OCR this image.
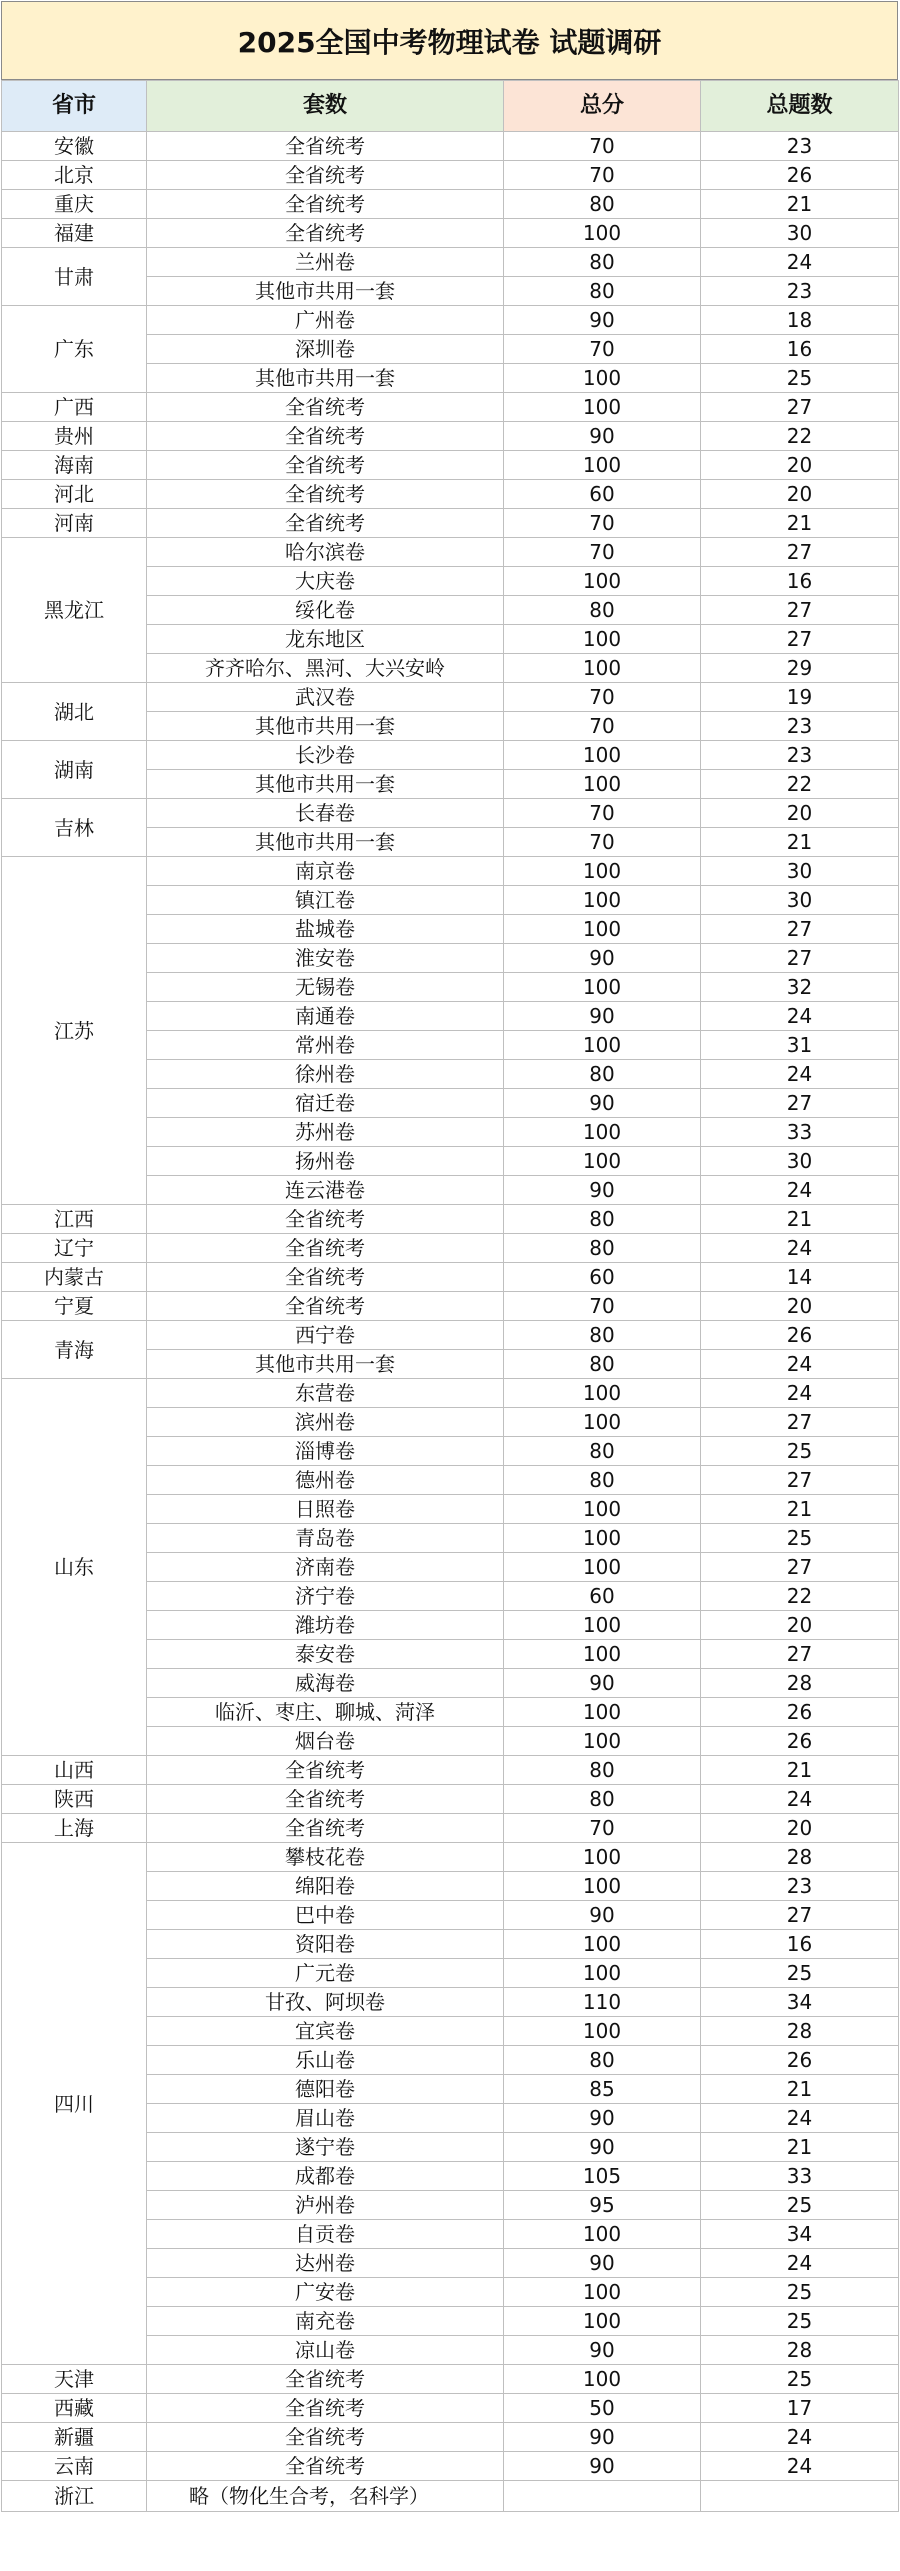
2025全国中考物理试卷 试题调研
省市	套数	总分	总题数
安徽	全省统考	70	23
北京	全省统考	70	26
重庆	全省统考	80	21
福建	全省统考	100	30
甘肃	兰州卷	80	24
	其他市共用一套	80	23
广东	广州卷	90	18
	深圳卷	70	16
	其他市共用一套	100	25
广西	全省统考	100	27
贵州	全省统考	90	22
海南	全省统考	100	20
河北	全省统考	60	20
河南	全省统考	70	21
黑龙江	哈尔滨卷	70	27
	大庆卷	100	16
	绥化卷	80	27
	龙东地区	100	27
	齐齐哈尔、黑河、大兴安岭	100	29
湖北	武汉卷	70	19
	其他市共用一套	70	23
湖南	长沙卷	100	23
	其他市共用一套	100	22
吉林	长春卷	70	20
	其他市共用一套	70	21
江苏	南京卷	100	30
	镇江卷	100	30
	盐城卷	100	27
	淮安卷	90	27
	无锡卷	100	32
	南通卷	90	24
	常州卷	100	31
	徐州卷	80	24
	宿迁卷	90	27
	苏州卷	100	33
	扬州卷	100	30
	连云港卷	90	24
江西	全省统考	80	21
辽宁	全省统考	80	24
内蒙古	全省统考	60	14
宁夏	全省统考	70	20
青海	西宁卷	80	26
	其他市共用一套	80	24
山东	东营卷	100	24
	滨州卷	100	27
	淄博卷	80	25
	德州卷	80	27
	日照卷	100	21
	青岛卷	100	25
	济南卷	100	27
	济宁卷	60	22
	潍坊卷	100	20
	泰安卷	100	27
	威海卷	90	28
	临沂、枣庄、聊城、菏泽	100	26
	烟台卷	100	26
山西	全省统考	80	21
陕西	全省统考	80	24
上海	全省统考	70	20
四川	攀枝花卷	100	28
	绵阳卷	100	23
	巴中卷	90	27
	资阳卷	100	16
	广元卷	100	25
	甘孜、阿坝卷	110	34
	宜宾卷	100	28
	乐山卷	80	26
	德阳卷	85	21
	眉山卷	90	24
	遂宁卷	90	21
	成都卷	105	33
	泸州卷	95	25
	自贡卷	100	34
	达州卷	90	24
	广安卷	100	25
	南充卷	100	25
	凉山卷	90	28
天津	全省统考	100	25
西藏	全省统考	50	17
新疆	全省统考	90	24
云南	全省统考	90	24
浙江	略（物化生合考，名科学）		
